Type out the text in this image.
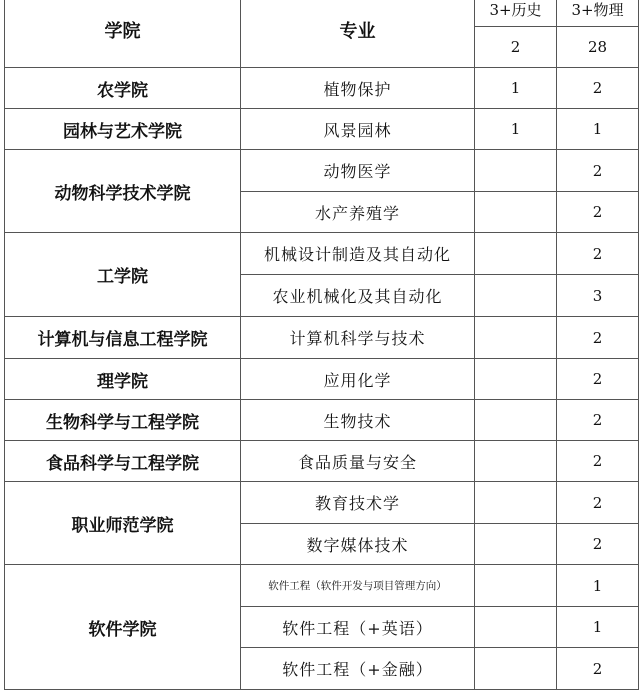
学院	专业	3+历史	3+物理
		2	28
农学院	植物保护	1	2
园林与艺术学院	风景园林	1	1
动物科学技术学院	动物医学		2
	水产养殖学		2
工学院	机械设计制造及其自动化		2
	农业机械化及其自动化		3
计算机与信息工程学院	计算机科学与技术		2
理学院	应用化学		2
生物科学与工程学院	生物技术		2
食品科学与工程学院	食品质量与安全		2
职业师范学院	教育技术学		2
	数字媒体技术		2
软件学院	软件工程（软件开发与项目管理方向）		1
	软件工程（+英语）		1
	软件工程（+金融）		2
